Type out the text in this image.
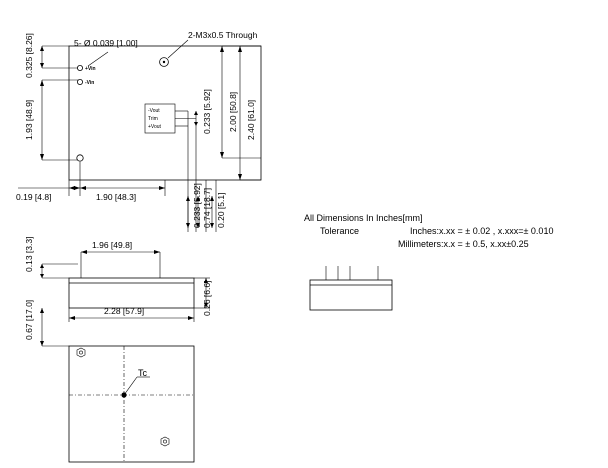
0.325 [8.26]	5- Ø 0.039 [1.00]
2-M3x0.5 Through
1.93 [48.9]
0.19 [4.8]	1.90 [48.3]
0.233 [5.92] 2.00 [50.8] 2.40 [61.0]
0.233 [5.92] 0.74 [18.7] 0.20 [5.1]
+Vin
-Vin
-Vout
Trim
+Vout
0.13 [3.3]	1.96 [49.8]
2.28 [57.9]	0.26 [6.6]
0.67 [17.0]
Tc
All Dimensions In Inches[mm]
Tolerance	Inches:x.xx = ± 0.02 , x.xxx=± 0.010
Millimeters:x.x = ± 0.5, x.xx±0.25
